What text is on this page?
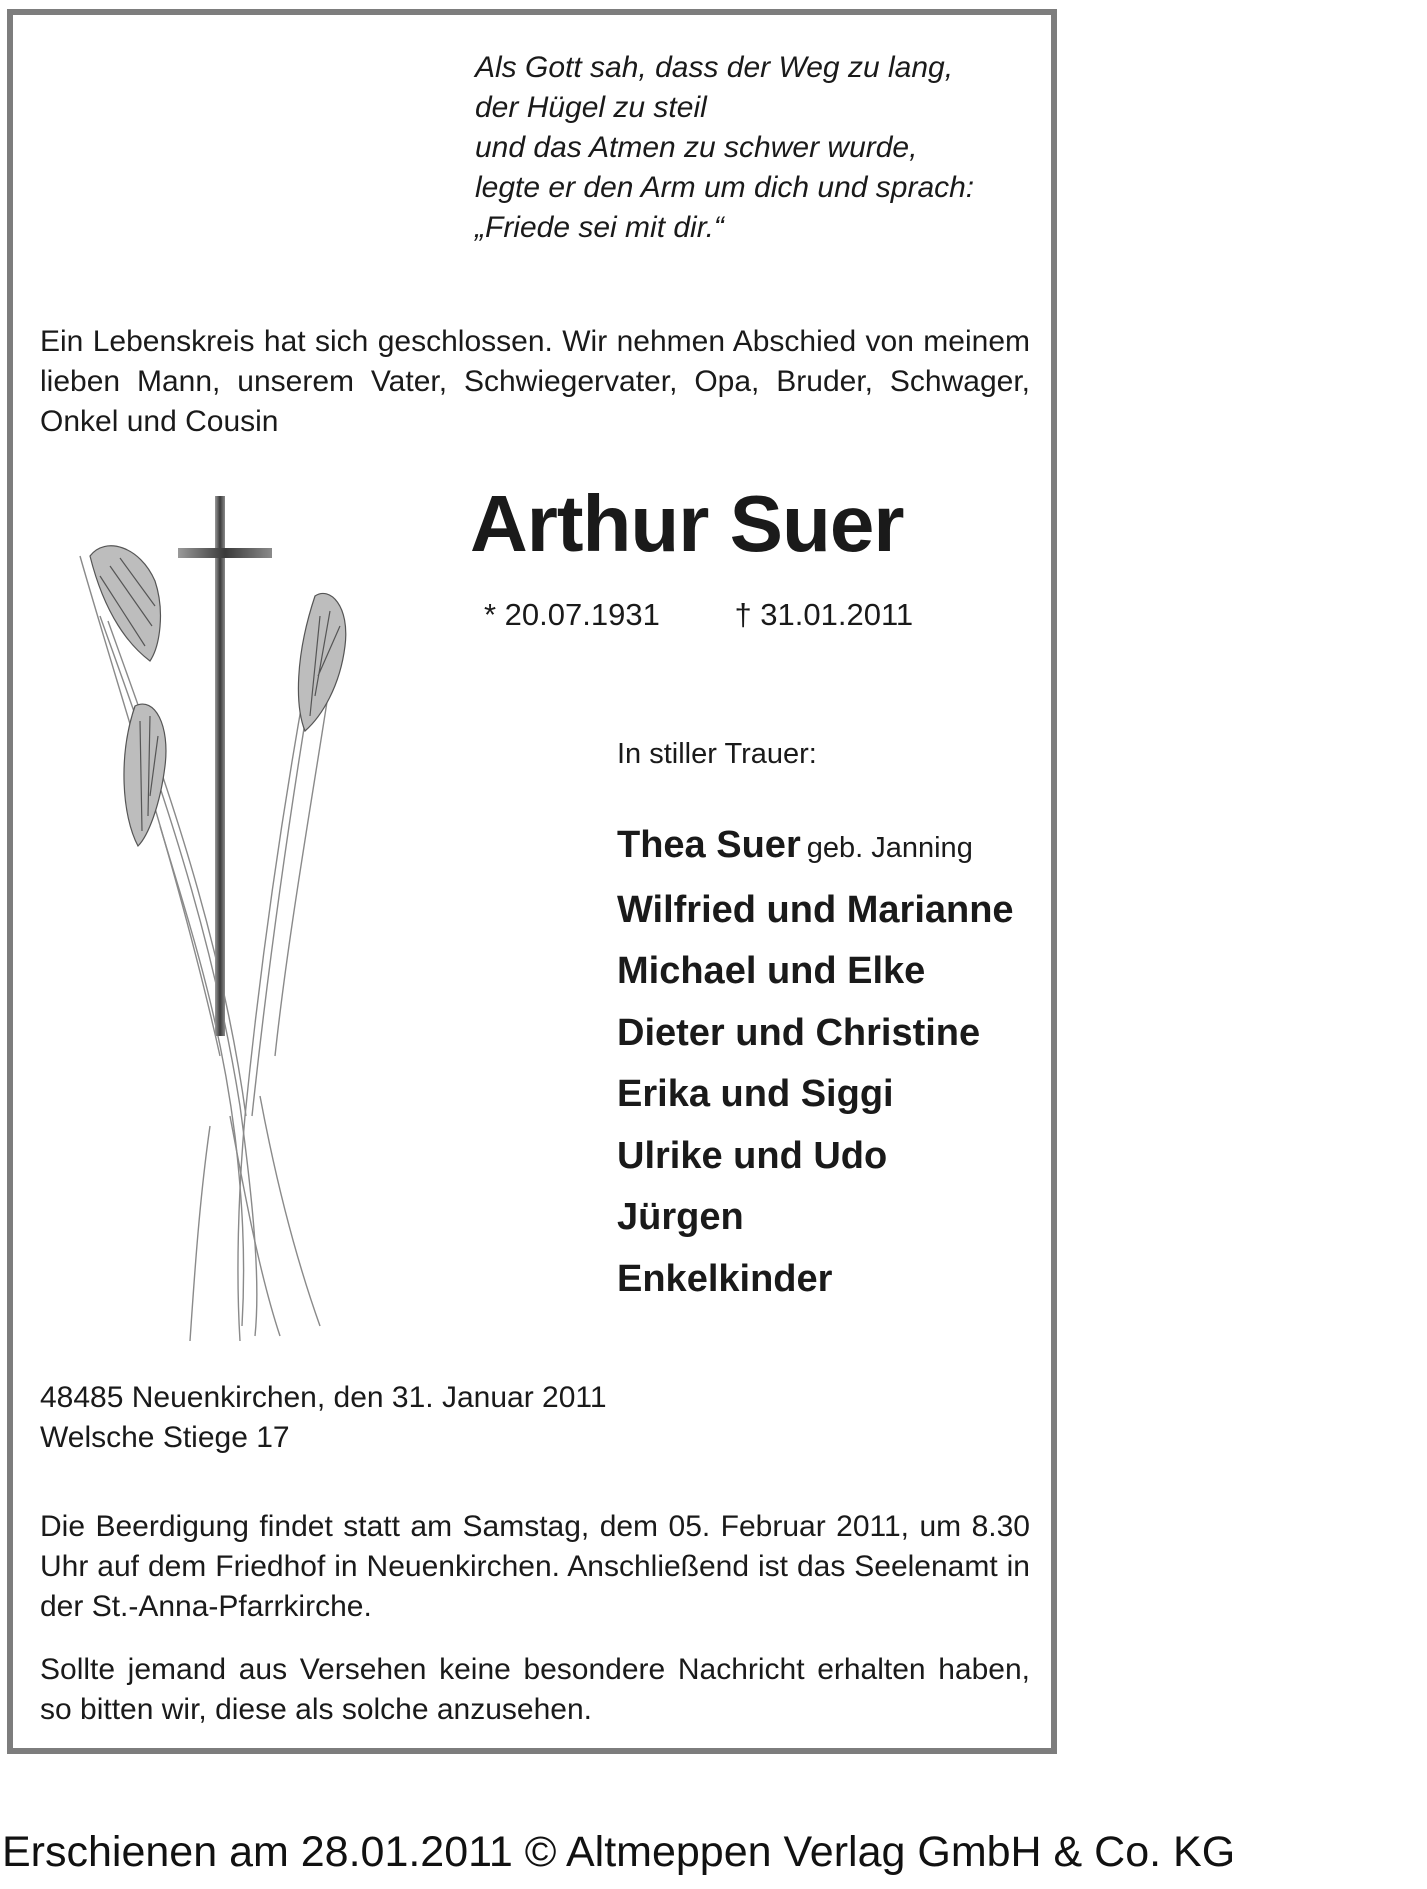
Als Gott sah, dass der Weg zu lang,
der Hügel zu steil
und das Atmen zu schwer wurde,
legte er den Arm um dich und sprach:
„Friede sei mit dir.“
Ein Lebenskreis hat sich geschlossen. Wir nehmen Abschied von meinem lieben Mann, unserem Vater, Schwiegervater, Opa, Bruder, Schwager, Onkel und Cousin
Arthur Suer
* 20.07.1931 † 31.01.2011
In stiller Trauer:
Thea Suer geb. Janning
Wilfried und Marianne
Michael und Elke
Dieter und Christine
Erika und Siggi
Ulrike und Udo
Jürgen
Enkelkinder
48485 Neuenkirchen, den 31. Januar 2011
Welsche Stiege 17
Die Beerdigung findet statt am Samstag, dem 05. Februar 2011, um 8.30 Uhr auf dem Friedhof in Neuenkirchen. Anschließend ist das Seelenamt in der St.-Anna-Pfarrkirche.
Sollte jemand aus Versehen keine besondere Nachricht erhalten haben, so bitten wir, diese als solche anzusehen.
Erschienen am 28.01.2011 © Altmeppen Verlag GmbH & Co. KG
